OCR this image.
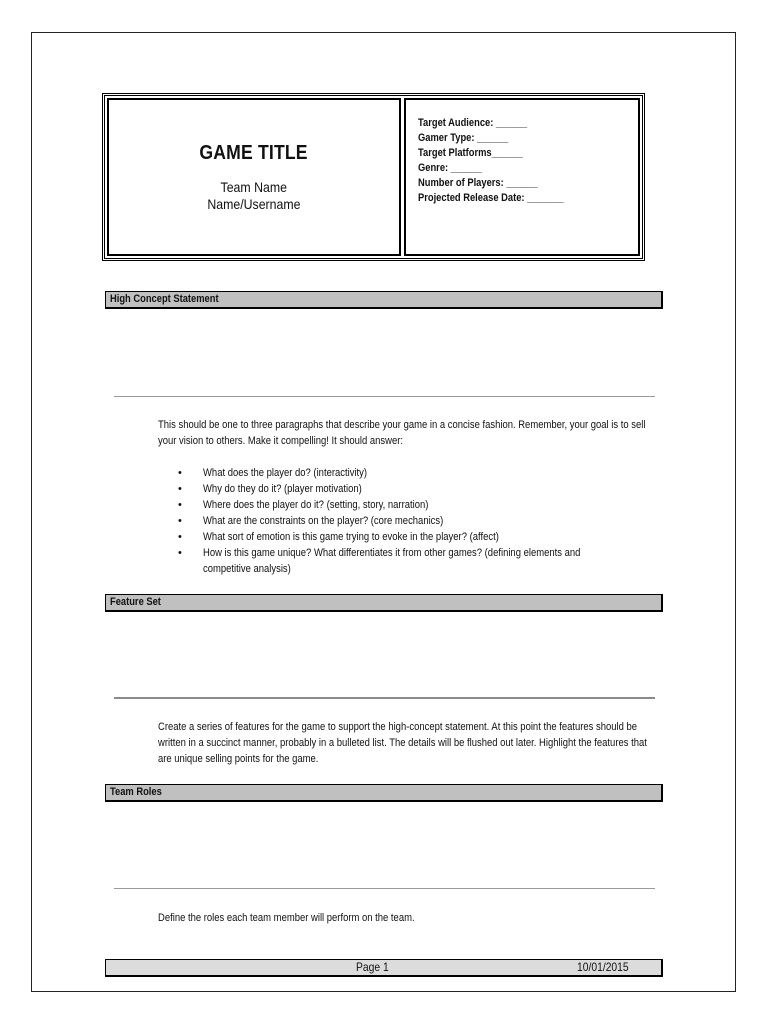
GAME TITLE
Team Name
Name/Username
Target Audience: ______
Gamer Type: ______
Target Platforms______
Genre: ______
Number of Players: ______
Projected Release Date: _______
High Concept Statement

This should be one to three paragraphs that describe your game in a concise fashion. Remember, your goal is to sell your vision to others. Make it compelling! It should answer:

• What does the player do? (interactivity)
• Why do they do it? (player motivation)
• Where does the player do it? (setting, story, narration)
• What are the constraints on the player? (core mechanics)
• What sort of emotion is this game trying to evoke in the player? (affect)
• How is this game unique? What differentiates it from other games? (defining elements and competitive analysis)
Feature Set

Create a series of features for the game to support the high-concept statement. At this point the features should be written in a succinct manner, probably in a bulleted list. The details will be flushed out later. Highlight the features that are unique selling points for the game.

Team Roles

Define the roles each team member will perform on the team.

Page 1	10/01/2015
